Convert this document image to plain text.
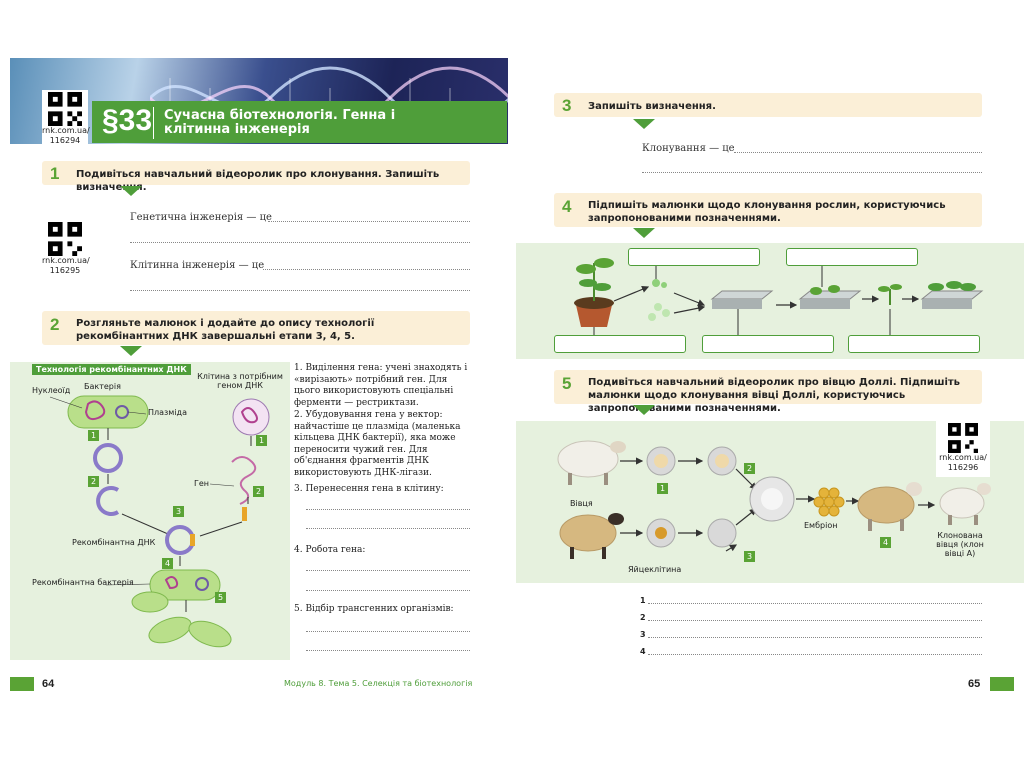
§33 Сучасна біотехнологія. Генна і клітинна інженерія
rnk.com.ua/
116294
1 Подивіться навчальний відеоролик про клонування. Запишіть визначення.
rnk.com.ua/
116295
Генетична інженерія — це
Клітинна інженерія — це
2 Розгляньте малюнок і додайте до опису технології рекомбінантних ДНК завершальні етапи 3, 4, 5.
Технологія рекомбінантних ДНК
Нуклеоїд Бактерія
Плазміда
Клітина з потрібним геном ДНК
Ген
Рекомбінантна ДНК
Рекомбінантна бактерія
1
2
3
4
5
1
2
1. Виділення гена: учені знаходять і «вирізають» потрібний ген. Для цього використовують спеціальні ферменти — рестриктази.
2. Убудовування гена у вектор: найчастіше це плазміда (маленька кільцева ДНК бактерії), яка може переносити чужий ген. Для об'єднання фрагментів ДНК використовують ДНК-лігази.
3. Перенесення гена в клітину:
4. Робота гена:
5. Відбір трансгенних організмів:
64	Модуль 8. Тема 5. Селекція та біотехнологія
3 Запишіть визначення.
Клонування — це
4 Підпишіть малюнки щодо клонування рослин, користуючись запропонованими позначеннями.
5 Подивіться навчальний відеоролик про вівцю Доллі. Підпишіть малюнки щодо клонування вівці Доллі, користуючись запропонованими позначеннями.
rnk.com.ua/
116296
Вівця
Яйцеклітина
Ембріон
Клонована вівця (клон вівці А)
1
2
3
4
1
2
3
4
65
